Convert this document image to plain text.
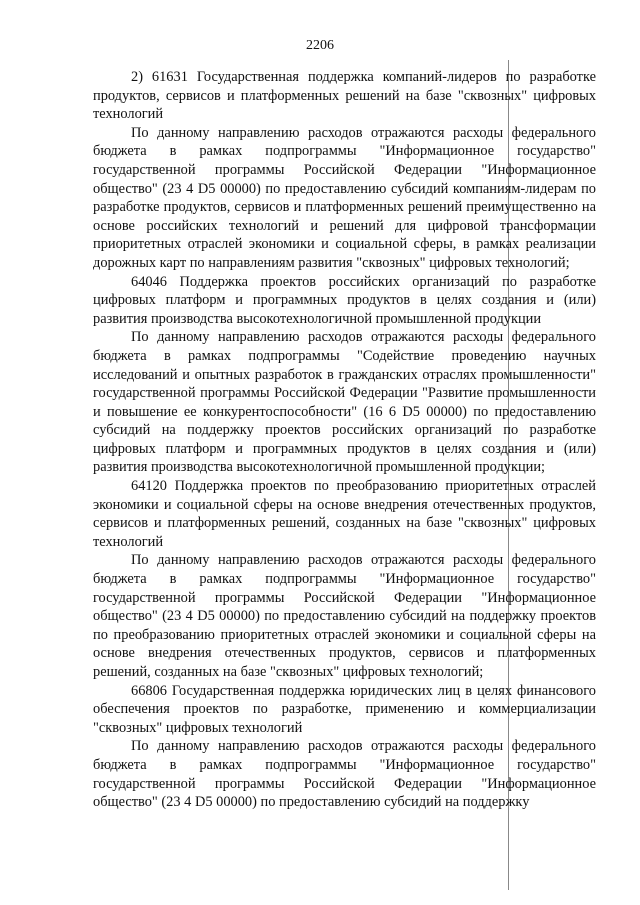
2206

2) 61631 Государственная поддержка компаний-лидеров по разработке продуктов, сервисов и платформенных решений на базе "сквозных" цифровых технологий

По данному направлению расходов отражаются расходы федерального бюджета в рамках подпрограммы "Информационное государство" государственной программы Российской Федерации "Информационное общество" (23 4 D5 00000) по предоставлению субсидий компаниям-лидерам по разработке продуктов, сервисов и платформенных решений преимущественно на основе российских технологий и решений для цифровой трансформации приоритетных отраслей экономики и социальной сферы, в рамках реализации дорожных карт по направлениям развития "сквозных" цифровых технологий;

64046 Поддержка проектов российских организаций по разработке цифровых платформ и программных продуктов в целях создания и (или) развития производства высокотехнологичной промышленной продукции

По данному направлению расходов отражаются расходы федерального бюджета в рамках подпрограммы "Содействие проведению научных исследований и опытных разработок в гражданских отраслях промышленности" государственной программы Российской Федерации "Развитие промышленности и повышение ее конкурентоспособности" (16 6 D5 00000) по предоставлению субсидий на поддержку проектов российских организаций по разработке цифровых платформ и программных продуктов в целях создания и (или) развития производства высокотехнологичной промышленной продукции;

64120 Поддержка проектов по преобразованию приоритетных отраслей экономики и социальной сферы на основе внедрения отечественных продуктов, сервисов и платформенных решений, созданных на базе "сквозных" цифровых технологий

По данному направлению расходов отражаются расходы федерального бюджета в рамках подпрограммы "Информационное государство" государственной программы Российской Федерации "Информационное общество" (23 4 D5 00000) по предоставлению субсидий на поддержку проектов по преобразованию приоритетных отраслей экономики и социальной сферы на основе внедрения отечественных продуктов, сервисов и платформенных решений, созданных на базе "сквозных" цифровых технологий;

66806 Государственная поддержка юридических лиц в целях финансового обеспечения проектов по разработке, применению и коммерциализации "сквозных" цифровых технологий

По данному направлению расходов отражаются расходы федерального бюджета в рамках подпрограммы "Информационное государство" государственной программы Российской Федерации "Информационное общество" (23 4 D5 00000) по предоставлению субсидий на поддержку
